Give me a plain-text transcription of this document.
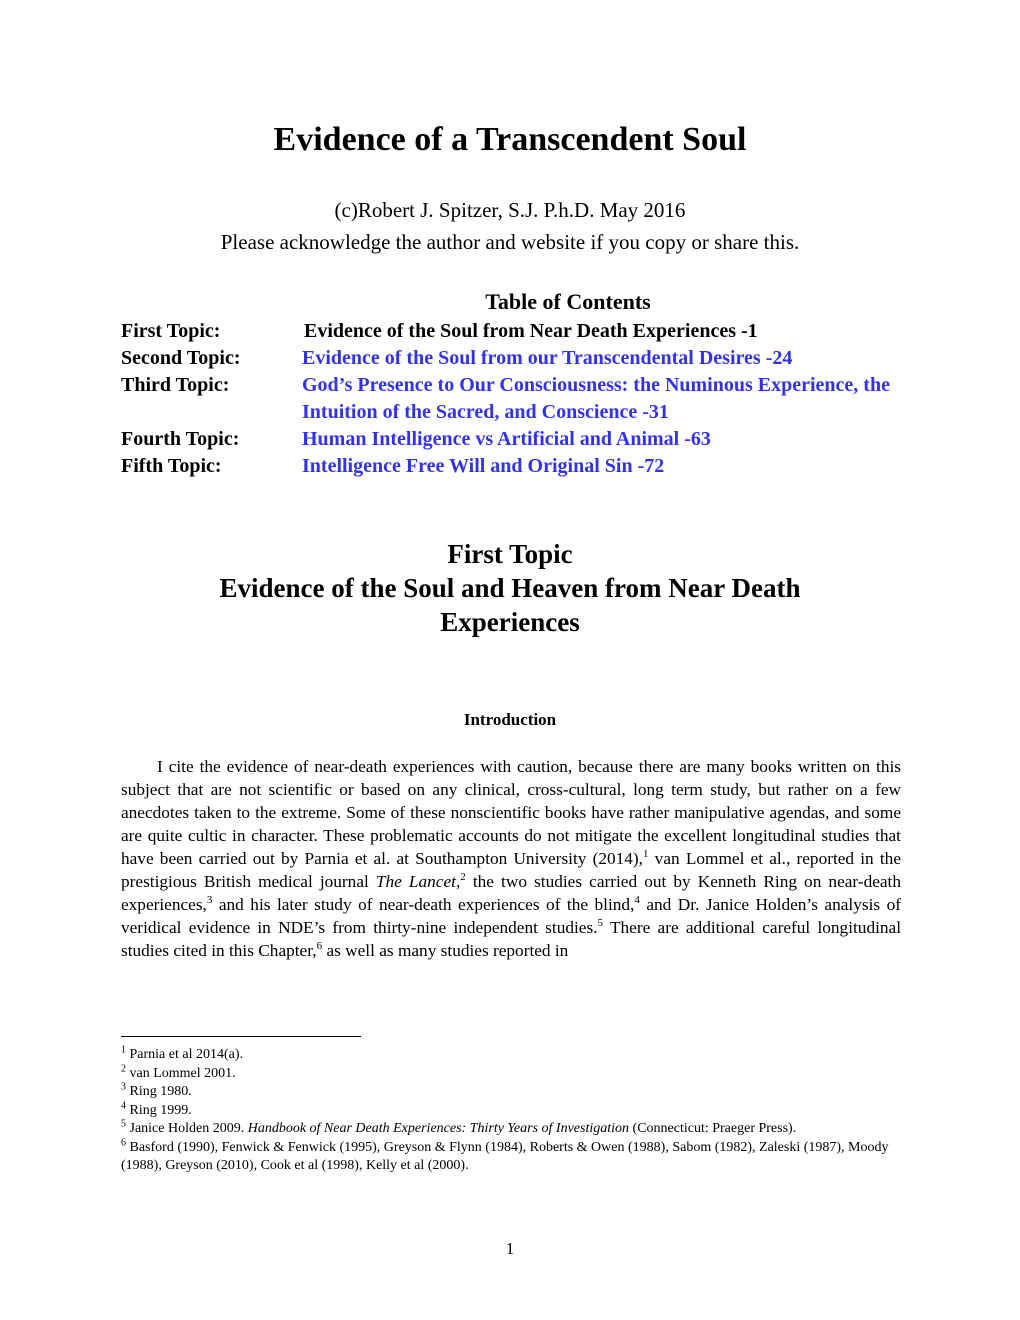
Evidence of a Transcendent Soul
(c)Robert J. Spitzer, S.J. P.h.D. May 2016
Please acknowledge the author and website if you copy or share this.
Table of Contents
First Topic:	Evidence of the Soul from Near Death Experiences -1
Second Topic:	Evidence of the Soul from our Transcendental Desires -24
Third Topic:	God’s Presence to Our Consciousness: the Numinous Experience, the Intuition of the Sacred, and Conscience -31
Fourth Topic:	Human Intelligence vs Artificial and Animal -63
Fifth Topic:	Intelligence Free Will and Original Sin -72
First Topic
Evidence of the Soul and Heaven from Near Death
Experiences
Introduction
I cite the evidence of near-death experiences with caution, because there are many books written on this subject that are not scientific or based on any clinical, cross-cultural, long term study, but rather on a few anecdotes taken to the extreme. Some of these nonscientific books have rather manipulative agendas, and some are quite cultic in character. These problematic accounts do not mitigate the excellent longitudinal studies that have been carried out by Parnia et al. at Southampton University (2014),$^1$ van Lommel et al., reported in the prestigious British medical journal The Lancet,$^2$ the two studies carried out by Kenneth Ring on near-death experiences,$^3$ and his later study of near-death experiences of the blind,$^4$ and Dr. Janice Holden’s analysis of veridical evidence in NDE’s from thirty-nine independent studies.$^5$ There are additional careful longitudinal studies cited in this Chapter,$^6$ as well as many studies reported in
$^1$ Parnia et al 2014(a).
$^2$ van Lommel 2001.
$^3$ Ring 1980.
$^4$ Ring 1999.
$^5$ Janice Holden 2009. Handbook of Near Death Experiences: Thirty Years of Investigation (Connecticut: Praeger Press).
$^6$ Basford (1990), Fenwick & Fenwick (1995), Greyson & Flynn (1984), Roberts & Owen (1988), Sabom (1982), Zaleski (1987), Moody (1988), Greyson (2010), Cook et al (1998), Kelly et al (2000).
1
